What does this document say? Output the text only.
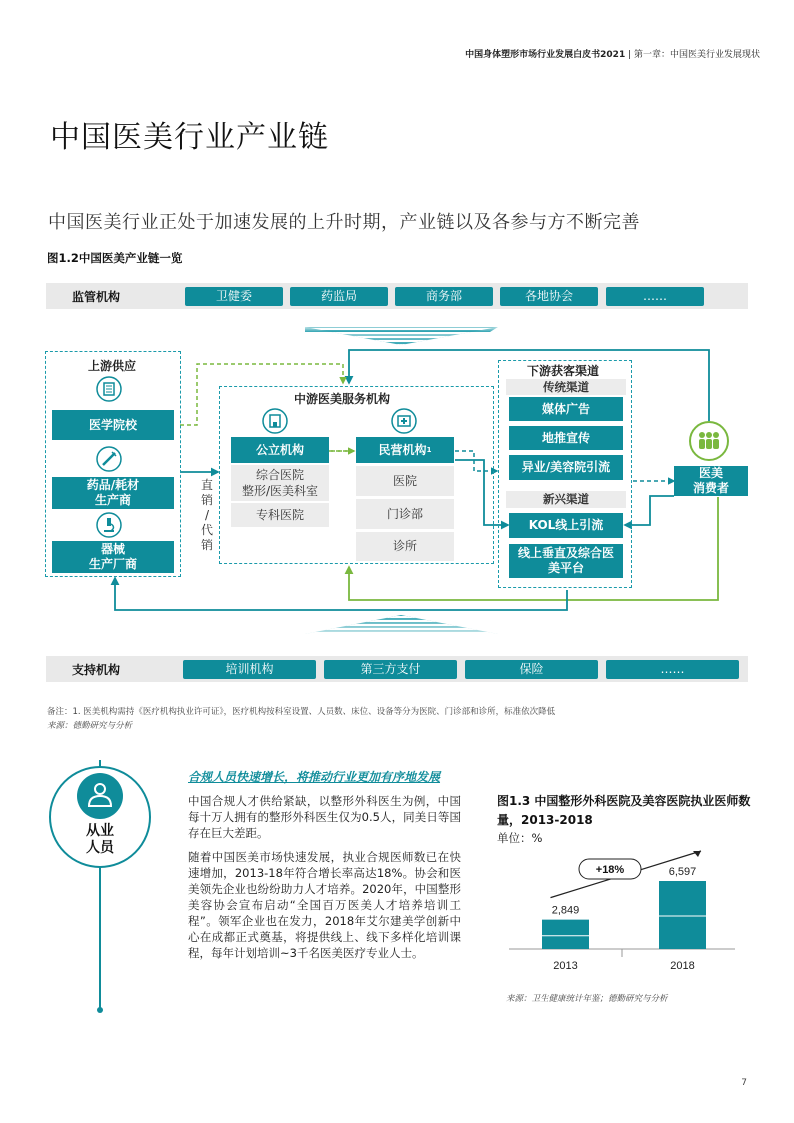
中国身体塑形市场行业发展白皮书2021 | 第一章：中国医美行业发展现状
中国医美行业产业链
中国医美行业正处于加速发展的上升时期，产业链以及各参与方不断完善
图1.2中国医美产业链一览
监管机构	卫健委	药监局	商务部	各地协会	……
上游供应
医学院校
药品/耗材
生产商
器械
生产厂商
直
销
/
代
销
中游医美服务机构
公立机构
综合医院
整形/医美科室
专科医院
民营机构 1
医院
门诊部
诊所
下游获客渠道
传统渠道
媒体广告
地推宣传
异业/美容院引流
新兴渠道
KOL线上引流
线上垂直及综合医
美平台
医美
消费者
支持机构	培训机构	第三方支付	保险	……
备注：1. 医美机构需持《医疗机构执业许可证》，医疗机构按科室设置、人员数、床位、设备等分为医院、门诊部和诊所，标准依次降低
来源：德勤研究与分析
从业
人员
合规人员快速增长，将推动行业更加有序地发展
中国合规人才供给紧缺，以整形外科医生为例，中国每十万人拥有的整形外科医生仅为0.5人，同美日等国存在巨大差距。
随着中国医美市场快速发展，执业合规医师数已在快速增加，2013-18年符合增长率高达18%。协会和医美领先企业也纷纷助力人才培养。2020年，中国整形美容协会宣布启动“全国百万医美人才培养培训工程”。领军企业也在发力，2018年艾尔建美学创新中心在成都正式奠基，将提供线上、线下多样化培训课程，每年计划培训~3千名医美医疗专业人士。
图1.3 中国整形外科医院及美容医院执业医师数量，2013-2018
单位：%
2,849
2013
6,597
2018
+18%
来源：卫生健康统计年鉴；德勤研究与分析
7
